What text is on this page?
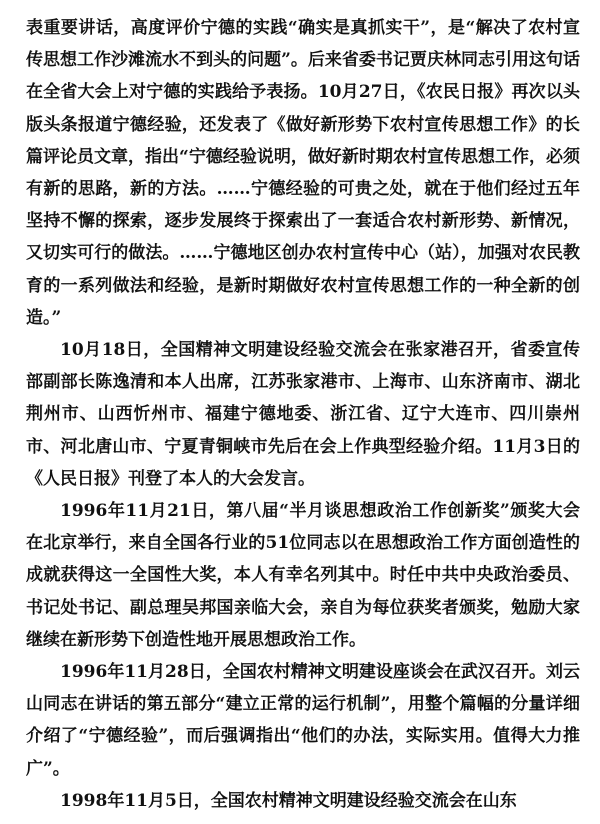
表重要讲话，高度评价宁德的实践“确实是真抓实干”，是“解决了农村宣传思想工作沙滩流水不到头的问题”。后来省委书记贾庆林同志引用这句话在全省大会上对宁德的实践给予表扬。10月27日，《农民日报》再次以头版头条报道宁德经验，还发表了《做好新形势下农村宣传思想工作》的长篇评论员文章，指出“宁德经验说明，做好新时期农村宣传思想工作，必须有新的思路，新的方法。……宁德经验的可贵之处，就在于他们经过五年坚持不懈的探索，逐步发展终于探索出了一套适合农村新形势、新情况，又切实可行的做法。……宁德地区创办农村宣传中心（站），加强对农民教育的一系列做法和经验，是新时期做好农村宣传思想工作的一种全新的创造。”

10月18日，全国精神文明建设经验交流会在张家港召开，省委宣传部副部长陈逸清和本人出席，江苏张家港市、上海市、山东济南市、湖北荆州市、山西忻州市、福建宁德地委、浙江省、辽宁大连市、四川崇州市、河北唐山市、宁夏青铜峡市先后在会上作典型经验介绍。11月3日的《人民日报》刊登了本人的大会发言。

1996年11月21日，第八届“半月谈思想政治工作创新奖”颁奖大会在北京举行，来自全国各行业的51位同志以在思想政治工作方面创造性的成就获得这一全国性大奖，本人有幸名列其中。时任中共中央政治委员、书记处书记、副总理吴邦国亲临大会，亲自为每位获奖者颁奖，勉励大家继续在新形势下创造性地开展思想政治工作。

1996年11月28日，全国农村精神文明建设座谈会在武汉召开。刘云山同志在讲话的第五部分“建立正常的运行机制”，用整个篇幅的分量详细介绍了“宁德经验”，而后强调指出“他们的办法，实际实用。值得大力推广”。

1998年11月5日，全国农村精神文明建设经验交流会在山东
